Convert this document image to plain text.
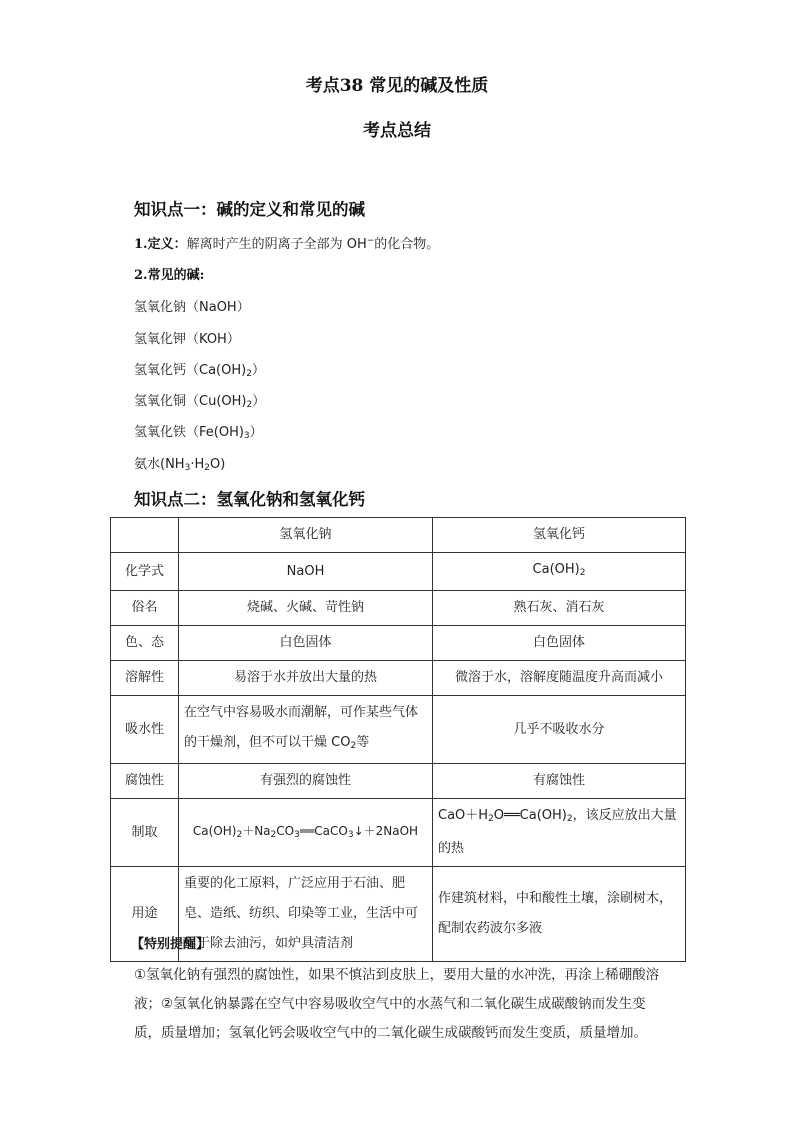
考点38 常见的碱及性质
考点总结
知识点一：碱的定义和常见的碱
1.定义：解离时产生的阴离子全部为 OH−的化合物。
2.常见的碱:
氢氧化钠（NaOH）
氢氧化钾（KOH）
氢氧化钙$(Ca(OH)_2)$
氢氧化铜$(Cu(OH)_2)$
氢氧化铁$(Fe(OH)_3)$
氨水$(NH_3\cdot H_2O)$
知识点二：氢氧化钠和氢氧化钙
	氢氧化钠	氢氧化钙
化学式	NaOH	$Ca(OH)_2$
俗名	烧碱、火碱、苛性钠	熟石灰、消石灰
色、态	白色固体	白色固体
溶解性	易溶于水并放出大量的热	微溶于水，溶解度随温度升高而减小
吸水性	在空气中容易吸水而潮解，可作某些气体的干燥剂，但不可以干燥 $CO_2$等	几乎不吸收水分
腐蚀性	有强烈的腐蚀性	有腐蚀性
制取	$Ca(OH)_2+Na_2CO_3══CaCO_3↓+2NaOH$	$CaO+H_2O══Ca(OH)_2$，该反应放出大量的热
用途	重要的化工原料，广泛应用于石油、肥皂、造纸、纺织、印染等工业，生活中可用于除去油污，如炉具清洁剂	作建筑材料，中和酸性土壤，涂刷树木，配制农药波尔多液
【特别提醒】
①氢氧化钠有强烈的腐蚀性，如果不慎沾到皮肤上，要用大量的水冲洗，再涂上稀硼酸溶液；②氢氧化钠暴露在空气中容易吸收空气中的水蒸气和二氧化碳生成碳酸钠而发生变质，质量增加；氢氧化钙会吸收空气中的二氧化碳生成碳酸钙而发生变质，质量增加。
